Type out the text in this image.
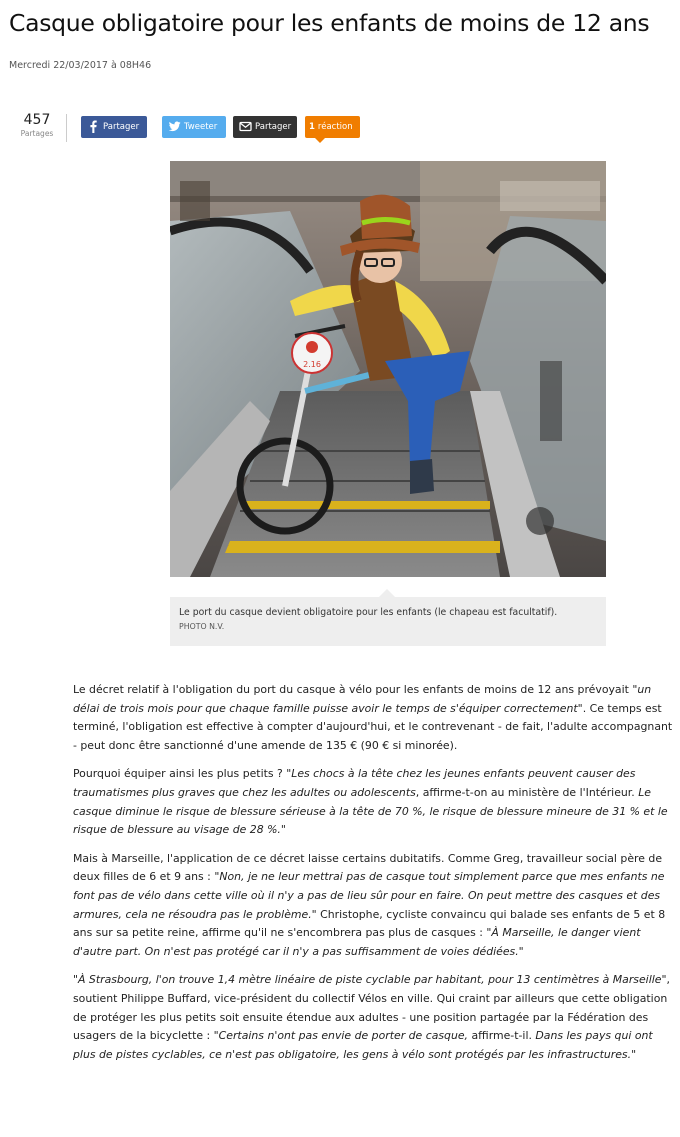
Casque obligatoire pour les enfants de moins de 12 ans
Mercredi 22/03/2017 à 08H46
457
Partages
Partager	Tweeter	Partager	1 réaction
2.16
Le port du casque devient obligatoire pour les enfants (le chapeau est facultatif).
PHOTO N.V.

Le décret relatif à l'obligation du port du casque à vélo pour les enfants de moins de 12 ans prévoyait "un délai de trois mois pour que chaque famille puisse avoir le temps de s'équiper correctement". Ce temps est terminé, l'obligation est effective à compter d'aujourd'hui, et le contrevenant - de fait, l'adulte accompagnant - peut donc être sanctionné d'une amende de 135 € (90 € si minorée).

Pourquoi équiper ainsi les plus petits ? "Les chocs à la tête chez les jeunes enfants peuvent causer des traumatismes plus graves que chez les adultes ou adolescents, affirme-t-on au ministère de l'Intérieur. Le casque diminue le risque de blessure sérieuse à la tête de 70 %, le risque de blessure mineure de 31 % et le risque de blessure au visage de 28 %."

Mais à Marseille, l'application de ce décret laisse certains dubitatifs. Comme Greg, travailleur social père de deux filles de 6 et 9 ans : "Non, je ne leur mettrai pas de casque tout simplement parce que mes enfants ne font pas de vélo dans cette ville où il n'y a pas de lieu sûr pour en faire. On peut mettre des casques et des armures, cela ne résoudra pas le problème." Christophe, cycliste convaincu qui balade ses enfants de 5 et 8 ans sur sa petite reine, affirme qu'il ne s'encombrera pas plus de casques : "À Marseille, le danger vient d'autre part. On n'est pas protégé car il n'y a pas suffisamment de voies dédiées."

"À Strasbourg, l'on trouve 1,4 mètre linéaire de piste cyclable par habitant, pour 13 centimètres à Marseille", soutient Philippe Buffard, vice-président du collectif Vélos en ville. Qui craint par ailleurs que cette obligation de protéger les plus petits soit ensuite étendue aux adultes - une position partagée par la Fédération des usagers de la bicyclette : "Certains n'ont pas envie de porter de casque, affirme-t-il. Dans les pays qui ont plus de pistes cyclables, ce n'est pas obligatoire, les gens à vélo sont protégés par les infrastructures."
